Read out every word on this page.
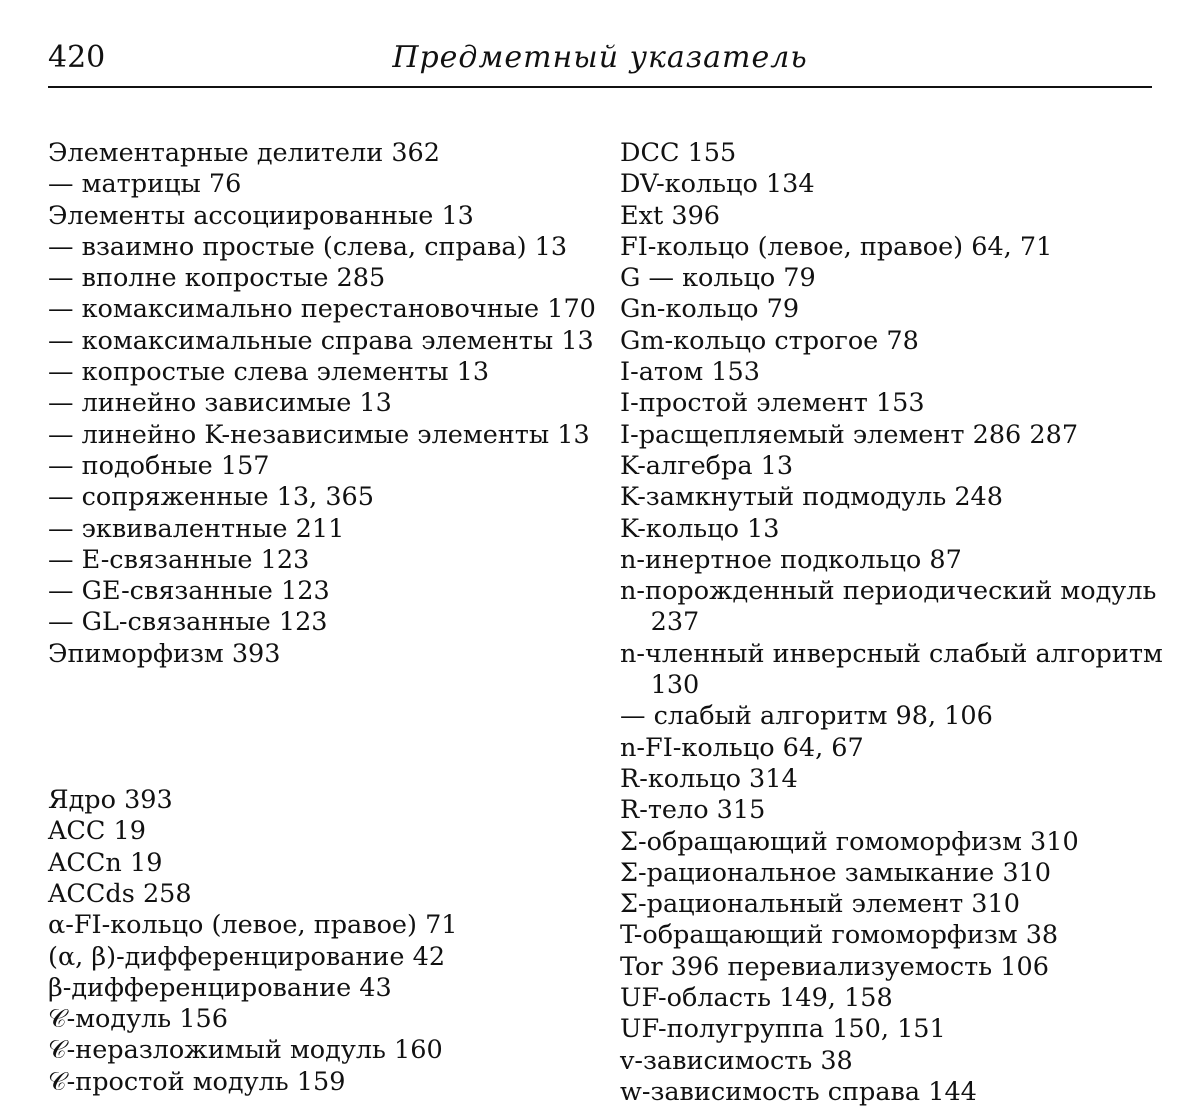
420	Предметный указатель
Элементарные делители 362
— матрицы 76
Элементы ассоциированные 13
— взаимно простые (слева, справа) 13
— вполне копростые 285
— комаксимально перестановочные 170
— комаксимальные справа элементы 13
— копростые слева элементы 13
— линейно зависимые 13
— линейно K-независимые элементы 13
— подобные 157
— сопряженные 13, 365
— эквивалентные 211
— E-связанные 123
— GE-связанные 123
— GL-связанные 123
Эпиморфизм 393
Ядро 393
ACC 19
ACCn 19
ACCds 258
α-FI-кольцо (левое, правое) 71
(α, β)-дифференцирование 42
β-дифференцирование 43
𝒞-модуль 156
𝒞-неразложимый модуль 160
𝒞-простой модуль 159
DCC 155
DV-кольцо 134
Ext 396
FI-кольцо (левое, правое) 64, 71
G — кольцо 79
Gn-кольцо 79
Gm-кольцо строгое 78
I-атом 153
I-простой элемент 153
I-расщепляемый элемент 286 287
K-алгебра 13
K-замкнутый подмодуль 248
K-кольцо 13
n-инертное подкольцо 87
n-порожденный периодический модуль 237
n-членный инверсный слабый алгоритм 130
— слабый алгоритм 98, 106
n-FI-кольцо 64, 67
R-кольцо 314
R-тело 315
Σ-обращающий гомоморфизм 310
Σ-рациональное замыкание 310
Σ-рациональный элемент 310
T-обращающий гомоморфизм 38
Tor 396 перевиализуемость 106
UF-область 149, 158
UF-полугруппа 150, 151
v-зависимость 38
w-зависимость справа 144
